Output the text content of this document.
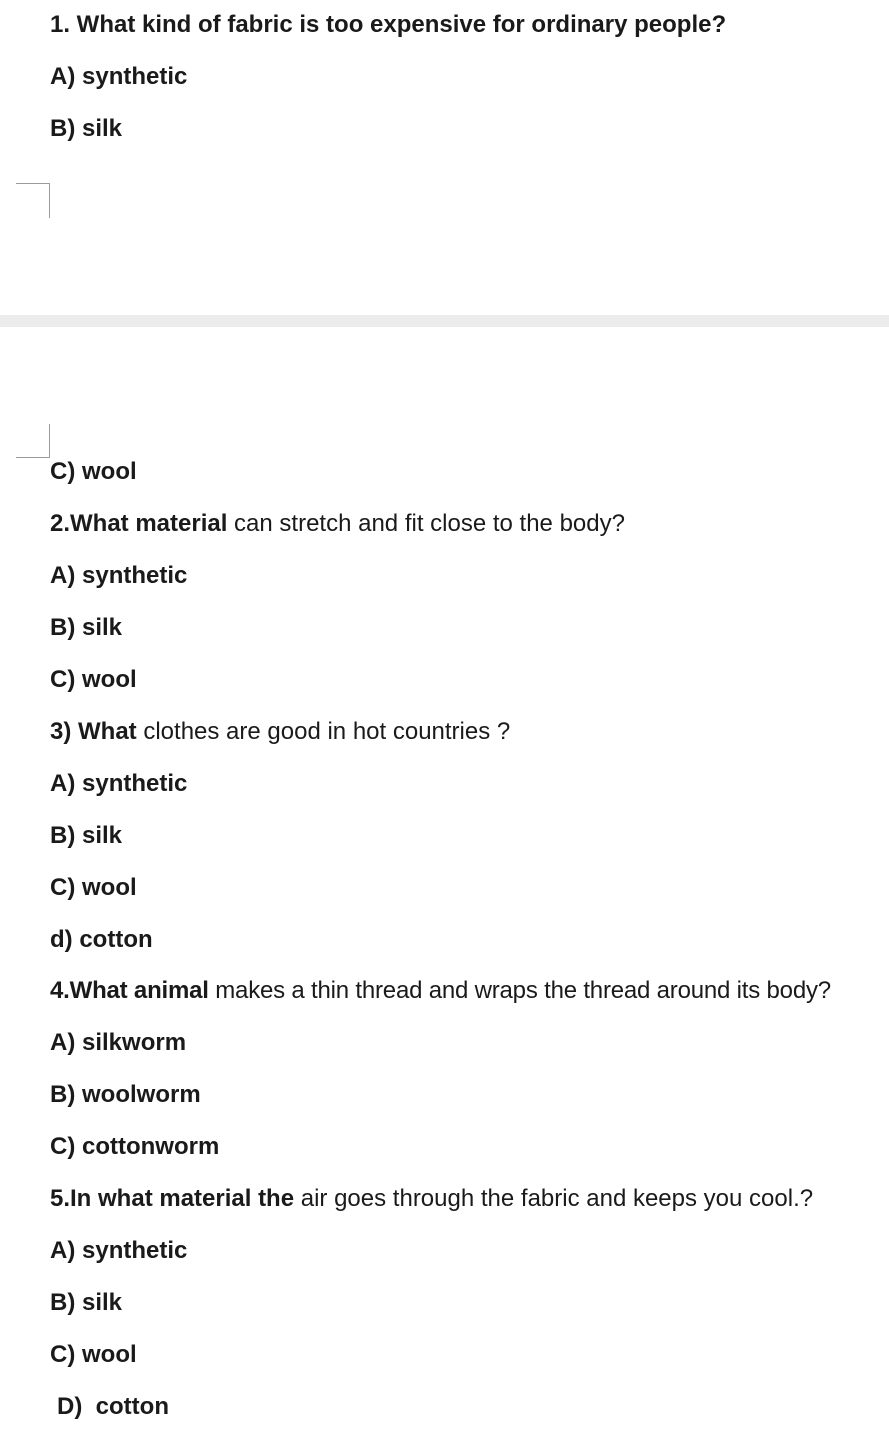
1. What kind of fabric is too expensive for ordinary people?
A) synthetic
B) silk
C) wool
2.What material can stretch and fit close to the body?
A) synthetic
B) silk
C) wool
3) What clothes are good in hot countries ?
A) synthetic
B) silk
C) wool
d) cotton
4.What animal makes a thin thread and wraps the thread around its body?
A) silkworm
B) woolworm
C) cottonworm
5.In what material the air goes through the fabric and keeps you cool.?
A) synthetic
B) silk
C) wool
D)  cotton
